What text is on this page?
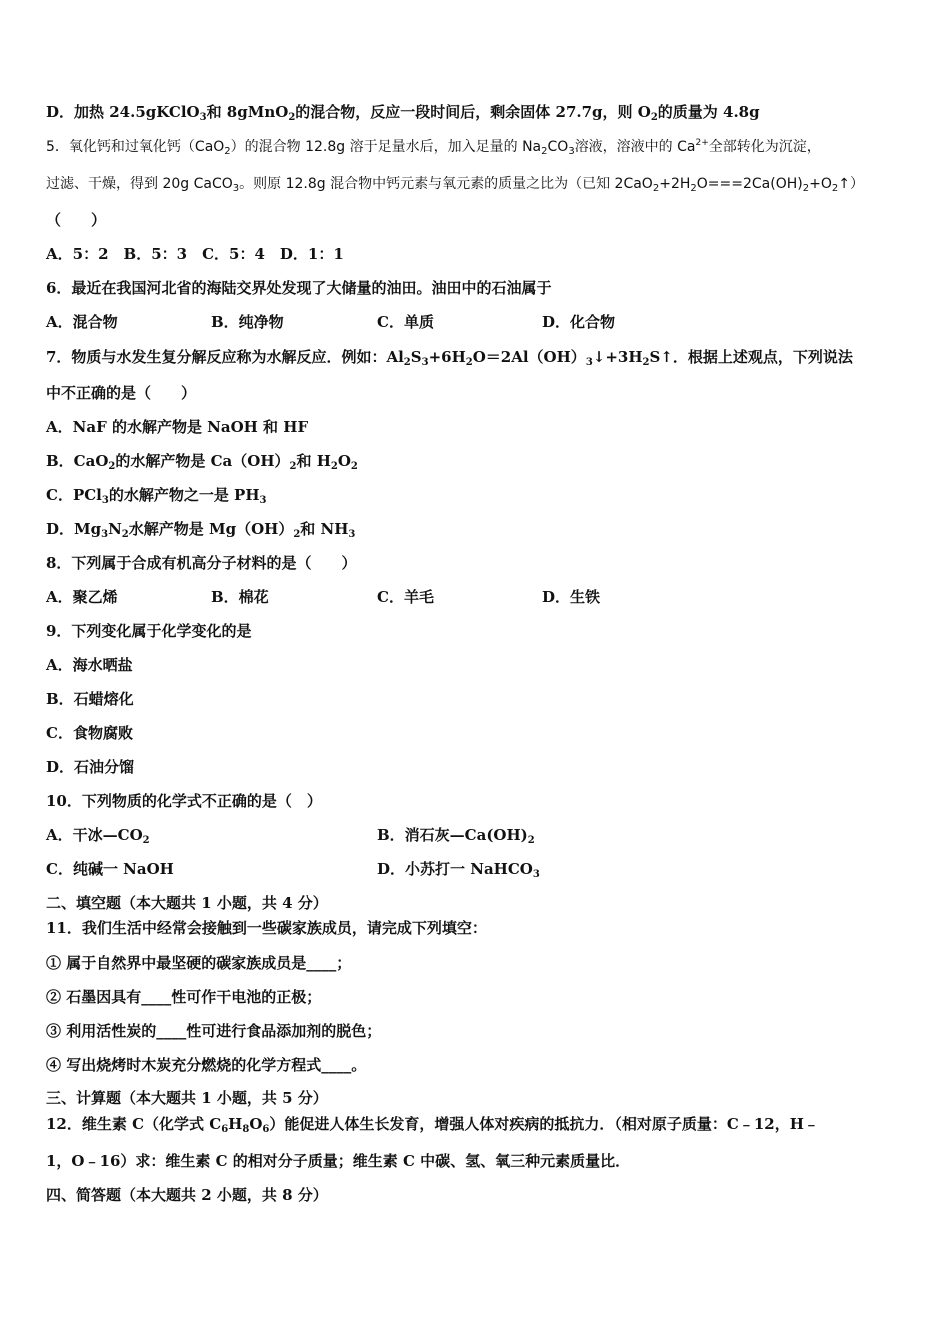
D．加热 24.5gKClO$_3$和 8gMnO$_2$的混合物，反应一段时间后，剩余固体 27.7g，则 $O_2$的质量为 4.8g
5．氧化钙和过氧化钙（CaO$_2$）的混合物 12.8g 溶于足量水后，加入足量的 $Na_2CO_3$溶液，溶液中的 $Ca^{2+}$全部转化为沉淀，
过滤、干燥，得到 20g CaCO$_3$。则原 12.8g 混合物中钙元素与氧元素的质量之比为（已知 $2CaO_2+2H_2O===2Ca(OH)_2+O_2↑$）
（　　）
A．5：2　B．5：3　C．5：4　D．1：1
6．最近在我国河北省的海陆交界处发现了大储量的油田。油田中的石油属于
A．混合物	B．纯净物	C．单质	D．化合物
7．物质与水发生复分解反应称为水解反应．例如：$Al_2S_3+6H_2O=2Al(OH)_3↓+3H_2S↑$．根据上述观点，下列说法
中不正确的是（　　）
A．NaF 的水解产物是 NaOH 和 HF
B．CaO$_2$的水解产物是 $Ca(OH)_2$和 $H_2O_2$
C．PCl$_3$的水解产物之一是 $PH_3$
D．$Mg_3N_2$水解产物是 $Mg(OH)_2$和 $NH_3$
8．下列属于合成有机高分子材料的是（　　）
A．聚乙烯	B．棉花	C．羊毛	D．生铁
9．下列变化属于化学变化的是
A．海水晒盐
B．石蜡熔化
C．食物腐败
D．石油分馏
10．下列物质的化学式不正确的是（　）
A．干冰$—CO_2$	B．消石灰$—Ca(OH)_2$
C．纯碱一 NaOH	D．小苏打一 NaHCO$_3$
二、填空题（本大题共 1 小题，共 4 分）
11．我们生活中经常会接触到一些碳家族成员，请完成下列填空：
① 属于自然界中最坚硬的碳家族成员是____；
② 石墨因具有____性可作干电池的正极；
③ 利用活性炭的____性可进行食品添加剂的脱色；
④ 写出烧烤时木炭充分燃烧的化学方程式____。
三、计算题（本大题共 1 小题，共 5 分）
12．维生素 C（化学式 $C_6H_8O_6$）能促进人体生长发育，增强人体对疾病的抵抗力．（相对原子质量：C﹣12，H﹣
1，O﹣16）求：维生素 C 的相对分子质量；维生素 C 中碳、氢、氧三种元素质量比．
四、简答题（本大题共 2 小题，共 8 分）
